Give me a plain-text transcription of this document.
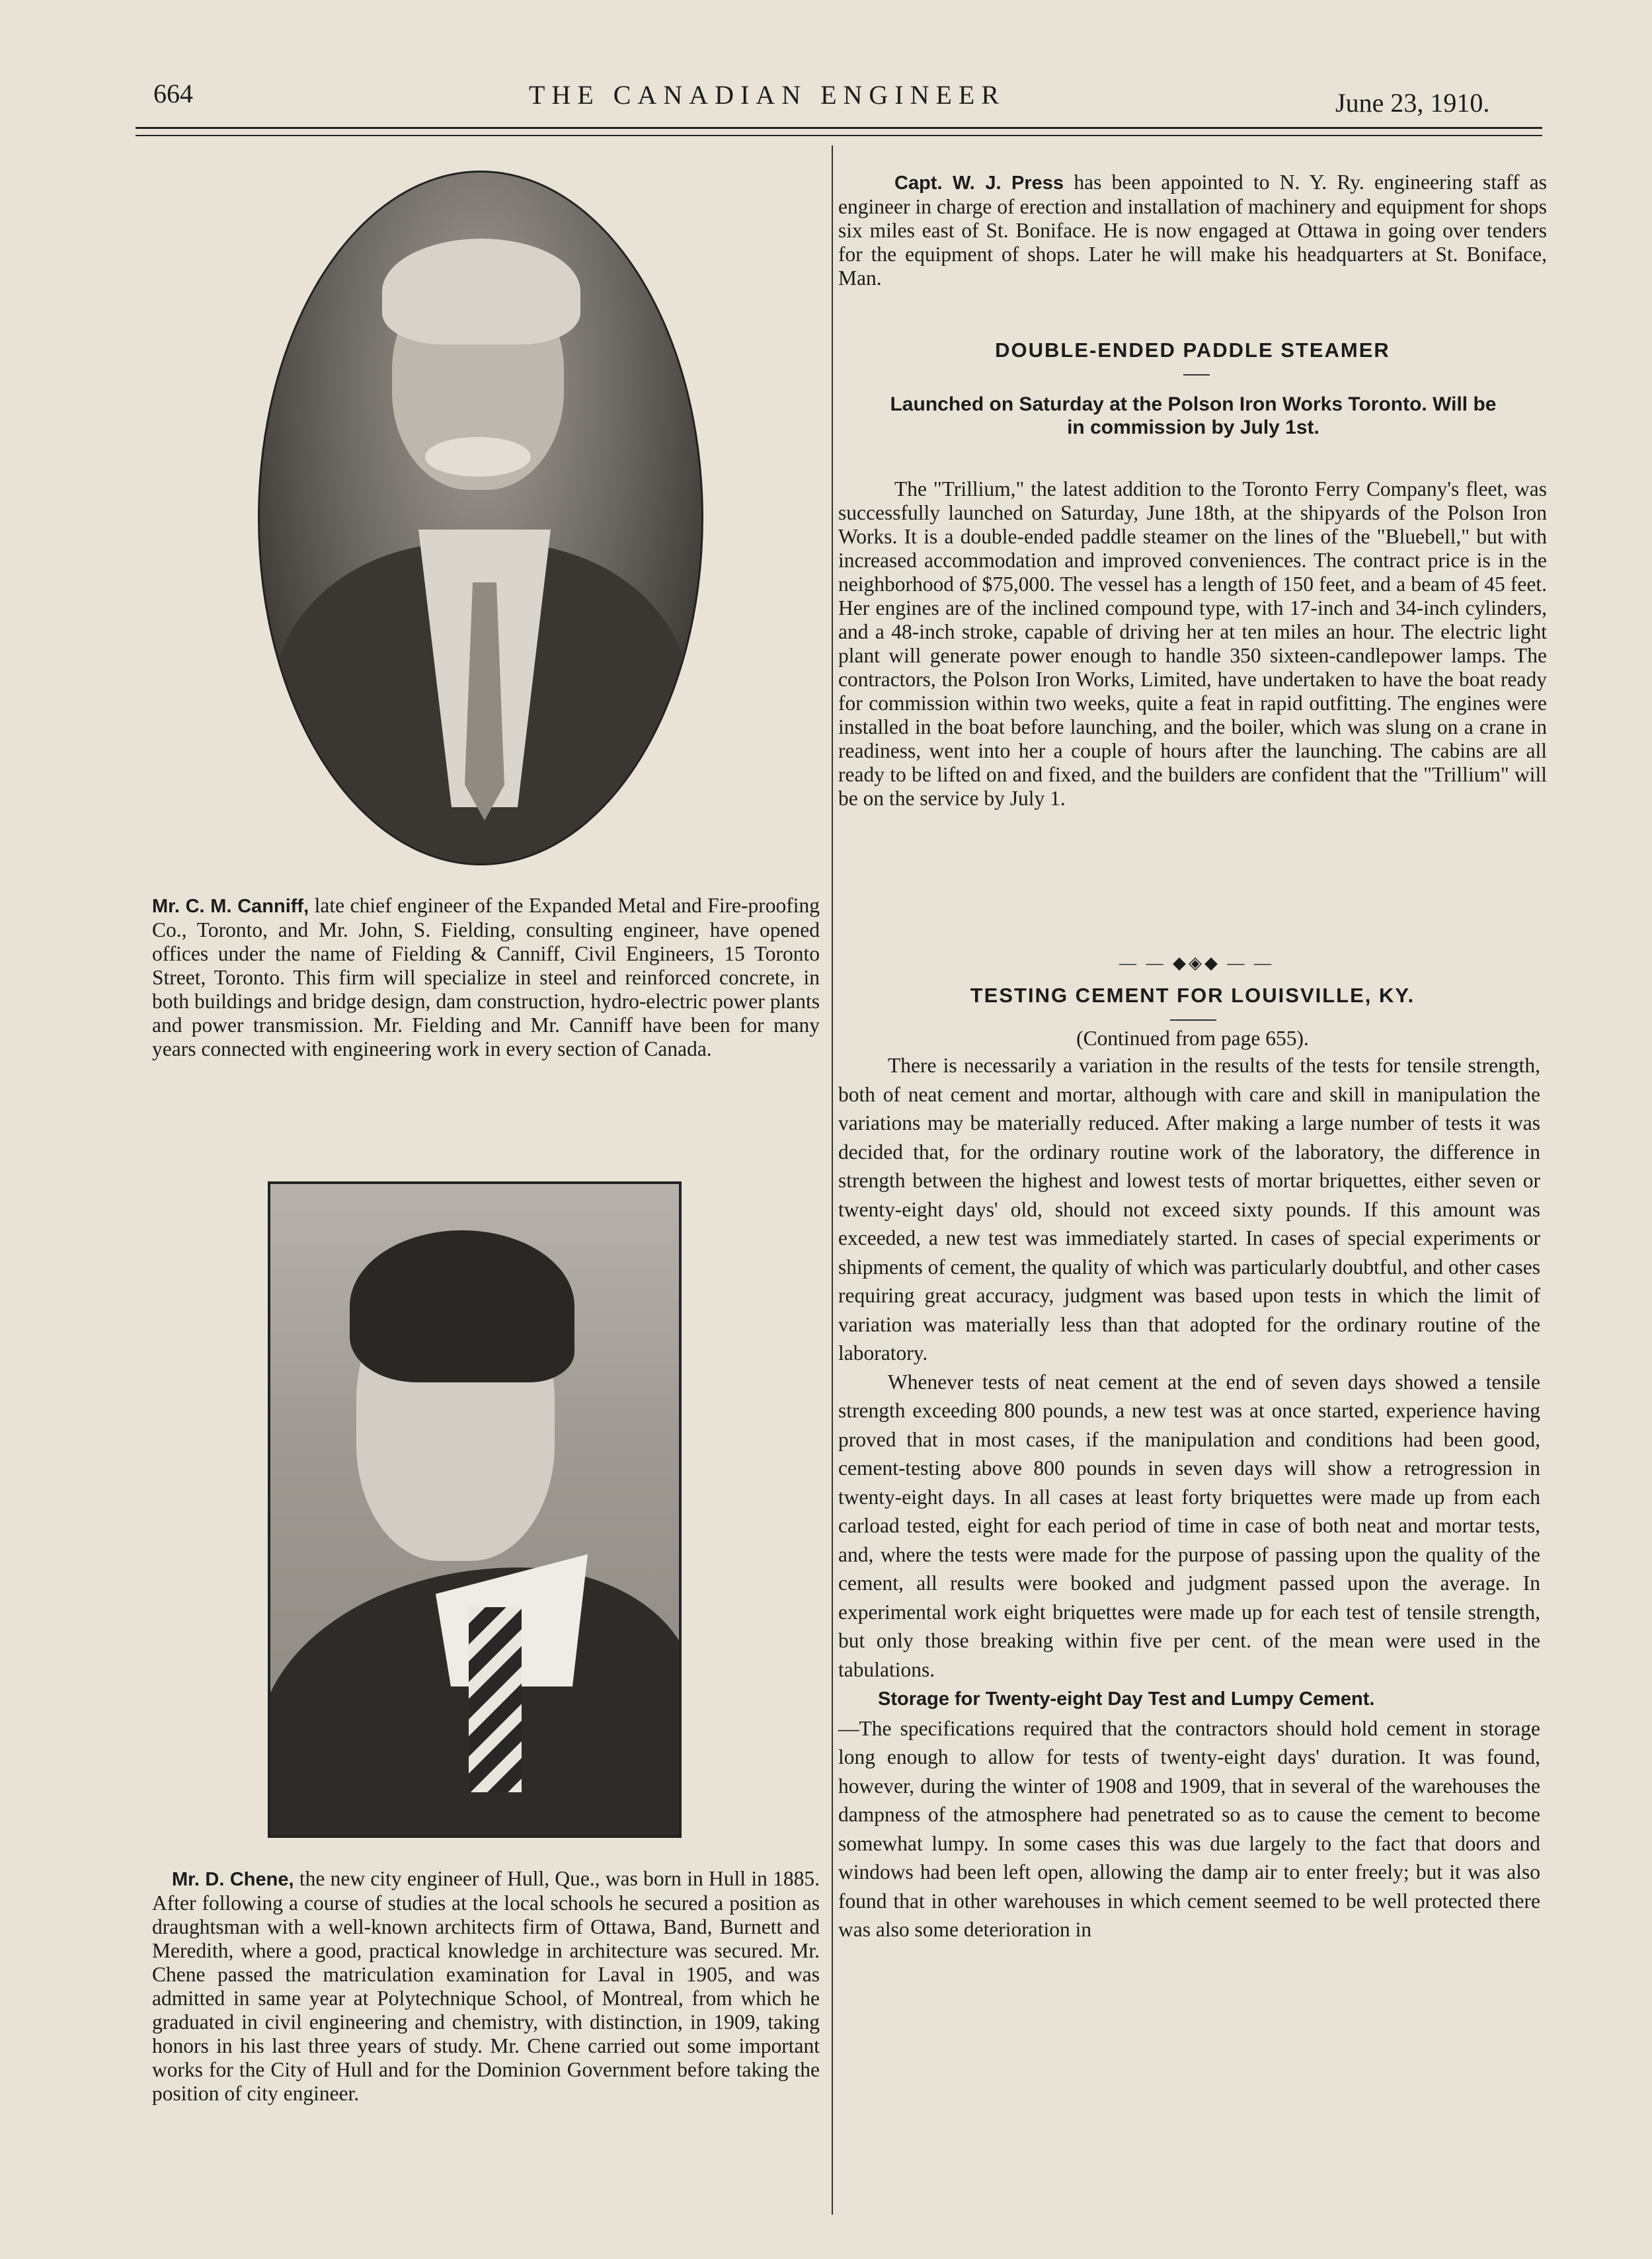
664	THE CANADIAN ENGINEER	June 23, 1910.

Mr. C. M. Canniff, late chief engineer of the Expanded Metal and Fire-proofing Co., Toronto, and Mr. John, S. Fielding, consulting engineer, have opened offices under the name of Fielding & Canniff, Civil Engineers, 15 Toronto Street, Toronto. This firm will specialize in steel and reinforced concrete, in both buildings and bridge design, dam construction, hydro-electric power plants and power transmission. Mr. Fielding and Mr. Canniff have been for many years connected with engineering work in every section of Canada.

Mr. D. Chene, the new city engineer of Hull, Que., was born in Hull in 1885. After following a course of studies at the local schools he secured a position as draughtsman with a well-known architects firm of Ottawa, Band, Burnett and Meredith, where a good, practical knowledge in architecture was secured. Mr. Chene passed the matriculation examination for Laval in 1905, and was admitted in same year at Polytechnique School, of Montreal, from which he graduated in civil engineering and chemistry, with distinction, in 1909, taking honors in his last three years of study. Mr. Chene carried out some important works for the City of Hull and for the Dominion Government before taking the position of city engineer.

Capt. W. J. Press has been appointed to N. Y. Ry. engineering staff as engineer in charge of erection and installation of machinery and equipment for shops six miles east of St. Boniface. He is now engaged at Ottawa in going over tenders for the equipment of shops. Later he will make his headquarters at St. Boniface, Man.

DOUBLE-ENDED PADDLE STEAMER
Launched on Saturday at the Polson Iron Works Toronto. Will be in commission by July 1st.

The "Trillium," the latest addition to the Toronto Ferry Company's fleet, was successfully launched on Saturday, June 18th, at the shipyards of the Polson Iron Works. It is a double-ended paddle steamer on the lines of the "Bluebell," but with increased accommodation and improved conveniences. The contract price is in the neighborhood of $75,000. The vessel has a length of 150 feet, and a beam of 45 feet. Her engines are of the inclined compound type, with 17-inch and 34-inch cylinders, and a 48-inch stroke, capable of driving her at ten miles an hour. The electric light plant will generate power enough to handle 350 sixteen-candlepower lamps. The contractors, the Polson Iron Works, Limited, have undertaken to have the boat ready for commission within two weeks, quite a feat in rapid outfitting. The engines were installed in the boat before launching, and the boiler, which was slung on a crane in readiness, went into her a couple of hours after the launching. The cabins are all ready to be lifted on and fixed, and the builders are confident that the "Trillium" will be on the service by July 1.

— — ◆◈◆ — —
TESTING CEMENT FOR LOUISVILLE, KY.
(Continued from page 655).

There is necessarily a variation in the results of the tests for tensile strength, both of neat cement and mortar, although with care and skill in manipulation the variations may be materially reduced. After making a large number of tests it was decided that, for the ordinary routine work of the laboratory, the difference in strength between the highest and lowest tests of mortar briquettes, either seven or twenty-eight days' old, should not exceed sixty pounds. If this amount was exceeded, a new test was immediately started. In cases of special experiments or shipments of cement, the quality of which was particularly doubtful, and other cases requiring great accuracy, judgment was based upon tests in which the limit of variation was materially less than that adopted for the ordinary routine of the laboratory.

Whenever tests of neat cement at the end of seven days showed a tensile strength exceeding 800 pounds, a new test was at once started, experience having proved that in most cases, if the manipulation and conditions had been good, cement-testing above 800 pounds in seven days will show a retrogression in twenty-eight days. In all cases at least forty briquettes were made up from each carload tested, eight for each period of time in case of both neat and mortar tests, and, where the tests were made for the purpose of passing upon the quality of the cement, all results were booked and judgment passed upon the average. In experimental work eight briquettes were made up for each test of tensile strength, but only those breaking within five per cent. of the mean were used in the tabulations.

Storage for Twenty-eight Day Test and Lumpy Cement.
—The specifications required that the contractors should hold cement in storage long enough to allow for tests of twenty-eight days' duration. It was found, however, during the winter of 1908 and 1909, that in several of the warehouses the dampness of the atmosphere had penetrated so as to cause the cement to become somewhat lumpy. In some cases this was due largely to the fact that doors and windows had been left open, allowing the damp air to enter freely; but it was also found that in other warehouses in which cement seemed to be well protected there was also some deterioration in
